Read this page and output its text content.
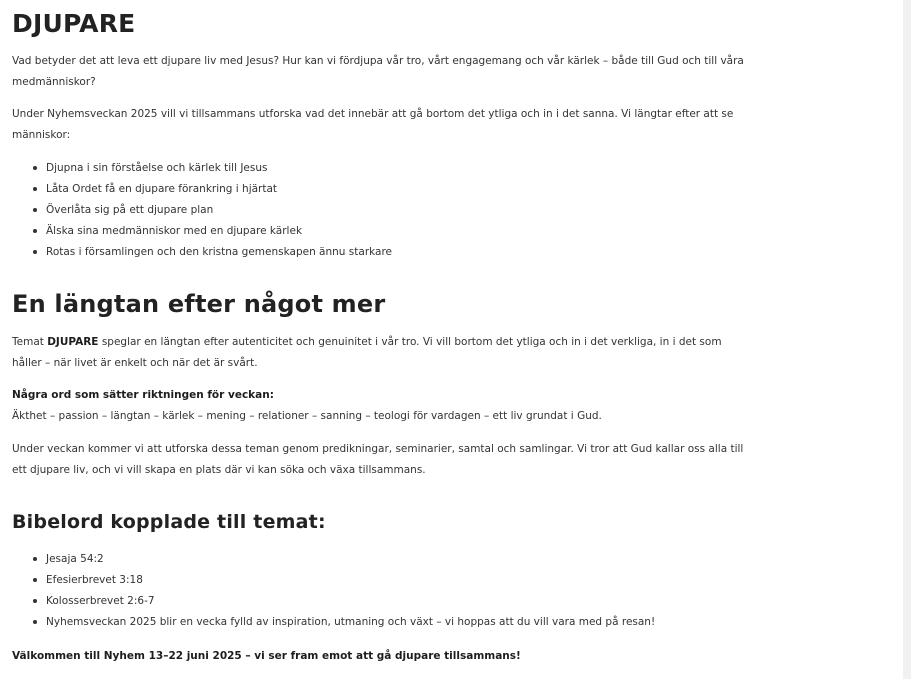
DJUPARE

Vad betyder det att leva ett djupare liv med Jesus? Hur kan vi fördjupa vår tro, vårt engagemang och vår kärlek – både till Gud och till våra medmänniskor?

Under Nyhemsveckan 2025 vill vi tillsammans utforska vad det innebär att gå bortom det ytliga och in i det sanna. Vi längtar efter att se människor:

Djupna i sin förståelse och kärlek till Jesus
Låta Ordet få en djupare förankring i hjärtat
Överlåta sig på ett djupare plan
Älska sina medmänniskor med en djupare kärlek
Rotas i församlingen och den kristna gemenskapen ännu starkare
En längtan efter något mer

Temat DJUPARE speglar en längtan efter autenticitet och genuinitet i vår tro. Vi vill bortom det ytliga och in i det verkliga, in i det som håller – när livet är enkelt och när det är svårt.

Några ord som sätter riktningen för veckan:
Äkthet – passion – längtan – kärlek – mening – relationer – sanning – teologi för vardagen – ett liv grundat i Gud.

Under veckan kommer vi att utforska dessa teman genom predikningar, seminarier, samtal och samlingar. Vi tror att Gud kallar oss alla till ett djupare liv, och vi vill skapa en plats där vi kan söka och växa tillsammans.

Bibelord kopplade till temat:
Jesaja 54:2
Efesierbrevet 3:18
Kolosserbrevet 2:6-7
Nyhemsveckan 2025 blir en vecka fylld av inspiration, utmaning och växt – vi hoppas att du vill vara med på resan!

Välkommen till Nyhem 13–22 juni 2025 – vi ser fram emot att gå djupare tillsammans!
